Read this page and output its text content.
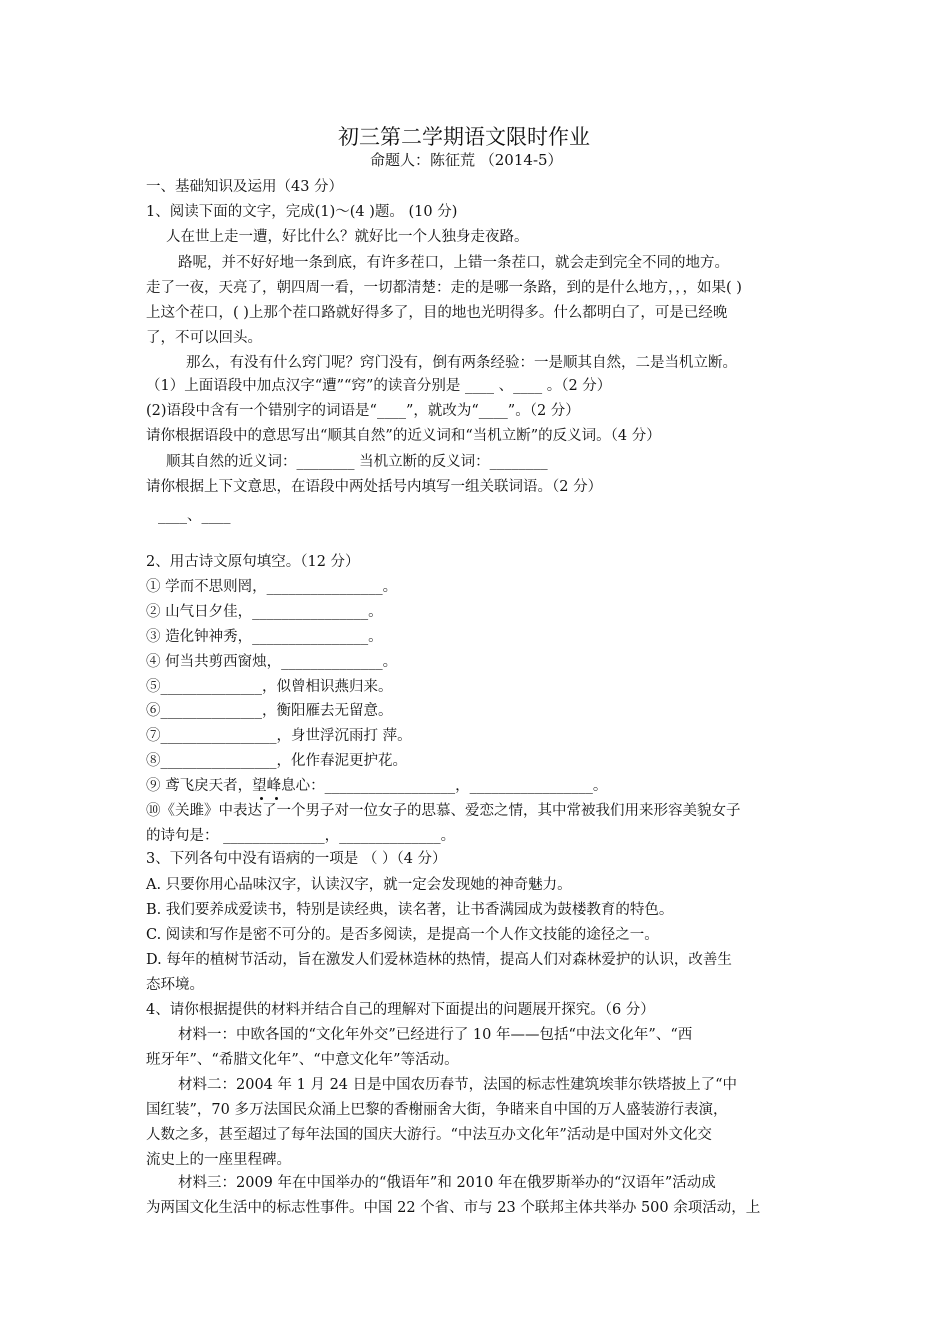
初三第二学期语文限时作业
命题人：陈征荒 （2014-5）
一、基础知识及运用（43 分）
1、阅读下面的文字，完成(1)～(4 )题。 (10 分)
人在世上走一遭，好比什么？就好比一个人独身走夜路。
路呢，并不好好地一条到底，有许多茬口，上错一条茬口，就会走到完全不同的地方。
走了一夜，天亮了，朝四周一看，一切都清楚：走的是哪一条路，到的是什么地方，，，如果( )
上这个茬口，( )上那个茬口路就好得多了，目的地也光明得多。什么都明白了，可是已经晚
了，不可以回头。
那么，有没有什么窍门呢？窍门没有，倒有两条经验：一是顺其自然，二是当机立断。
（1）上面语段中加点汉字“遭”“窍”的读音分别是 ____ 、____ 。（2 分）
(2)语段中含有一个错别字的词语是“____”，就改为“____”。（2 分）
请你根据语段中的意思写出“顺其自然”的近义词和“当机立断”的反义词。（4 分）
顺其自然的近义词：________ 当机立断的反义词：________
请你根据上下文意思，在语段中两处括号内填写一组关联词语。（2 分）
____、____
2、用古诗文原句填空。（12 分）
① 学而不思则罔，________________。
② 山气日夕佳，________________。
③ 造化钟神秀，________________。
④ 何当共剪西窗烛，______________。
⑤______________，似曾相识燕归来。
⑥______________，衡阳雁去无留意。
⑦________________，身世浮沉雨打 萍。
⑧________________，化作春泥更护花。
⑨ 鸢飞戾天者，望峰息心：__________________，_________________。
⑩《关雎》中表达了一个男子对一位女子的思慕、爱恋之情，其中常被我们用来形容美貌女子
的诗句是： ______________，______________。
3、下列各句中没有语病的一项是 （ ）（4 分）
A. 只要你用心品味汉字，认读汉字，就一定会发现她的神奇魅力。
B. 我们要养成爱读书，特别是读经典，读名著，让书香满园成为鼓楼教育的特色。
C. 阅读和写作是密不可分的。是否多阅读，是提高一个人作文技能的途径之一。
D. 每年的植树节活动，旨在激发人们爱林造林的热情，提高人们对森林爱护的认识，改善生
态环境。
4、请你根据提供的材料并结合自己的理解对下面提出的问题展开探究。（6 分）
材料一：中欧各国的“文化年外交”已经进行了 10 年——包括“中法文化年”、“西
班牙年”、“希腊文化年”、“中意文化年”等活动。
材料二：2004 年 1 月 24 日是中国农历春节，法国的标志性建筑埃菲尔铁塔披上了“中
国红装”，70 多万法国民众涌上巴黎的香榭丽舍大街，争睹来自中国的万人盛装游行表演，
人数之多，甚至超过了每年法国的国庆大游行。“中法互办文化年”活动是中国对外文化交
流史上的一座里程碑。
材料三：2009 年在中国举办的“俄语年”和 2010 年在俄罗斯举办的“汉语年”活动成
为两国文化生活中的标志性事件。中国 22 个省、市与 23 个联邦主体共举办 500 余项活动，上
